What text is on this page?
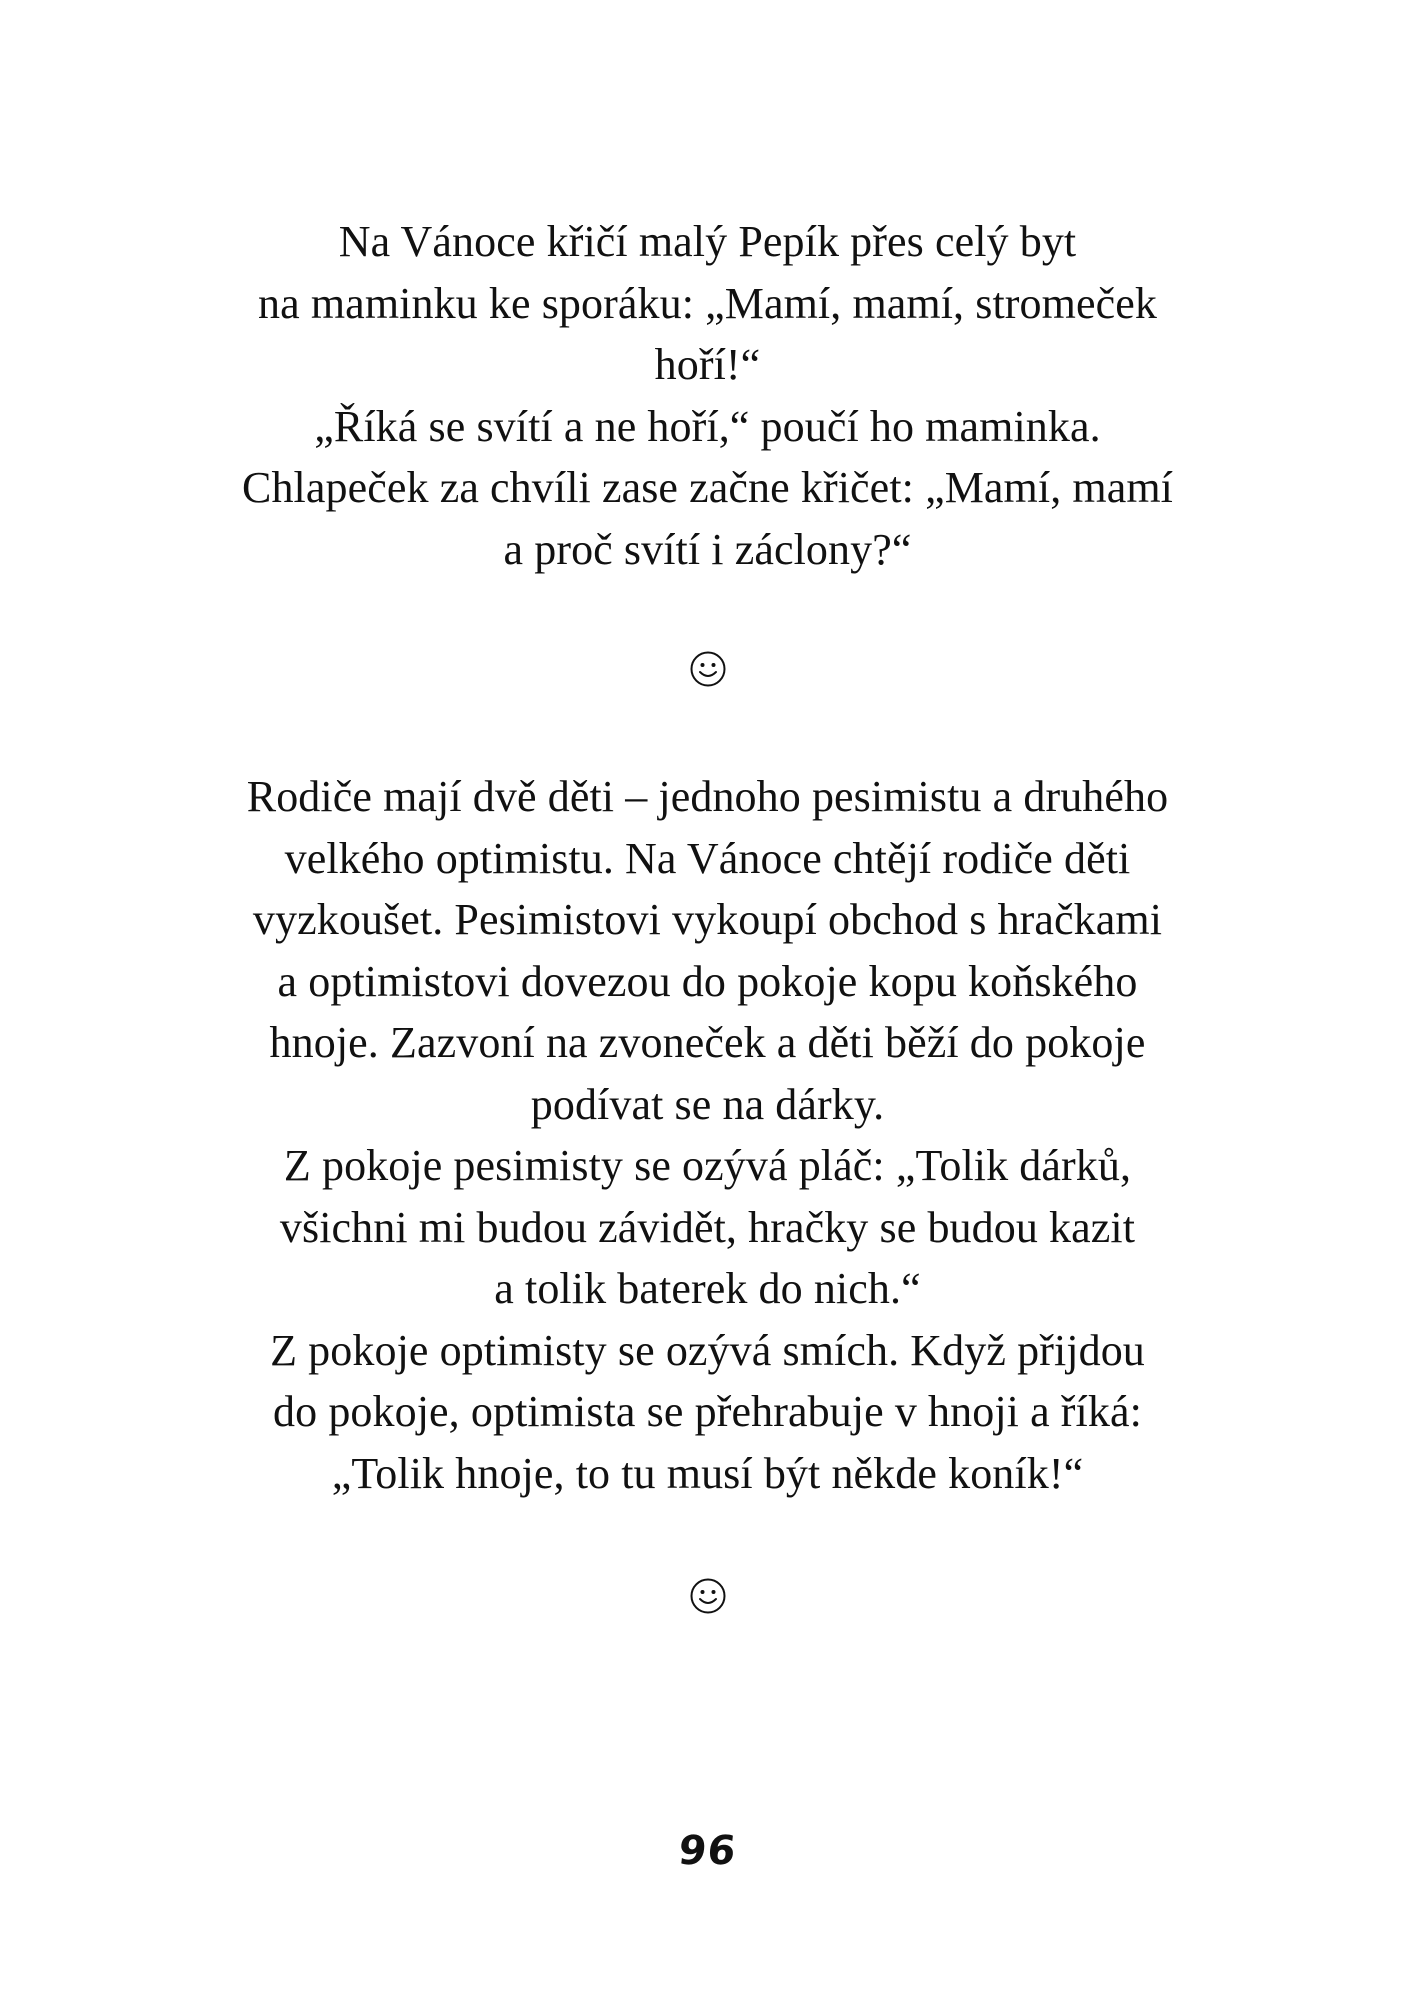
Na Vánoce křičí malý Pepík přes celý byt
na maminku ke sporáku: „Mamí, mamí, stromeček
hoří!“
„Říká se svítí a ne hoří,“ poučí ho maminka.
Chlapeček za chvíli zase začne křičet: „Mamí, mamí
a proč svítí i záclony?“
Rodiče mají dvě děti – jednoho pesimistu a druhého
velkého optimistu. Na Vánoce chtějí rodiče děti
vyzkoušet. Pesimistovi vykoupí obchod s hračkami
a optimistovi dovezou do pokoje kopu koňského
hnoje. Zazvoní na zvoneček a děti běží do pokoje
podívat se na dárky.
Z pokoje pesimisty se ozývá pláč: „Tolik dárků,
všichni mi budou závidět, hračky se budou kazit
a tolik baterek do nich.“
Z pokoje optimisty se ozývá smích. Když přijdou
do pokoje, optimista se přehrabuje v hnoji a říká:
„Tolik hnoje, to tu musí být někde koník!“
96
